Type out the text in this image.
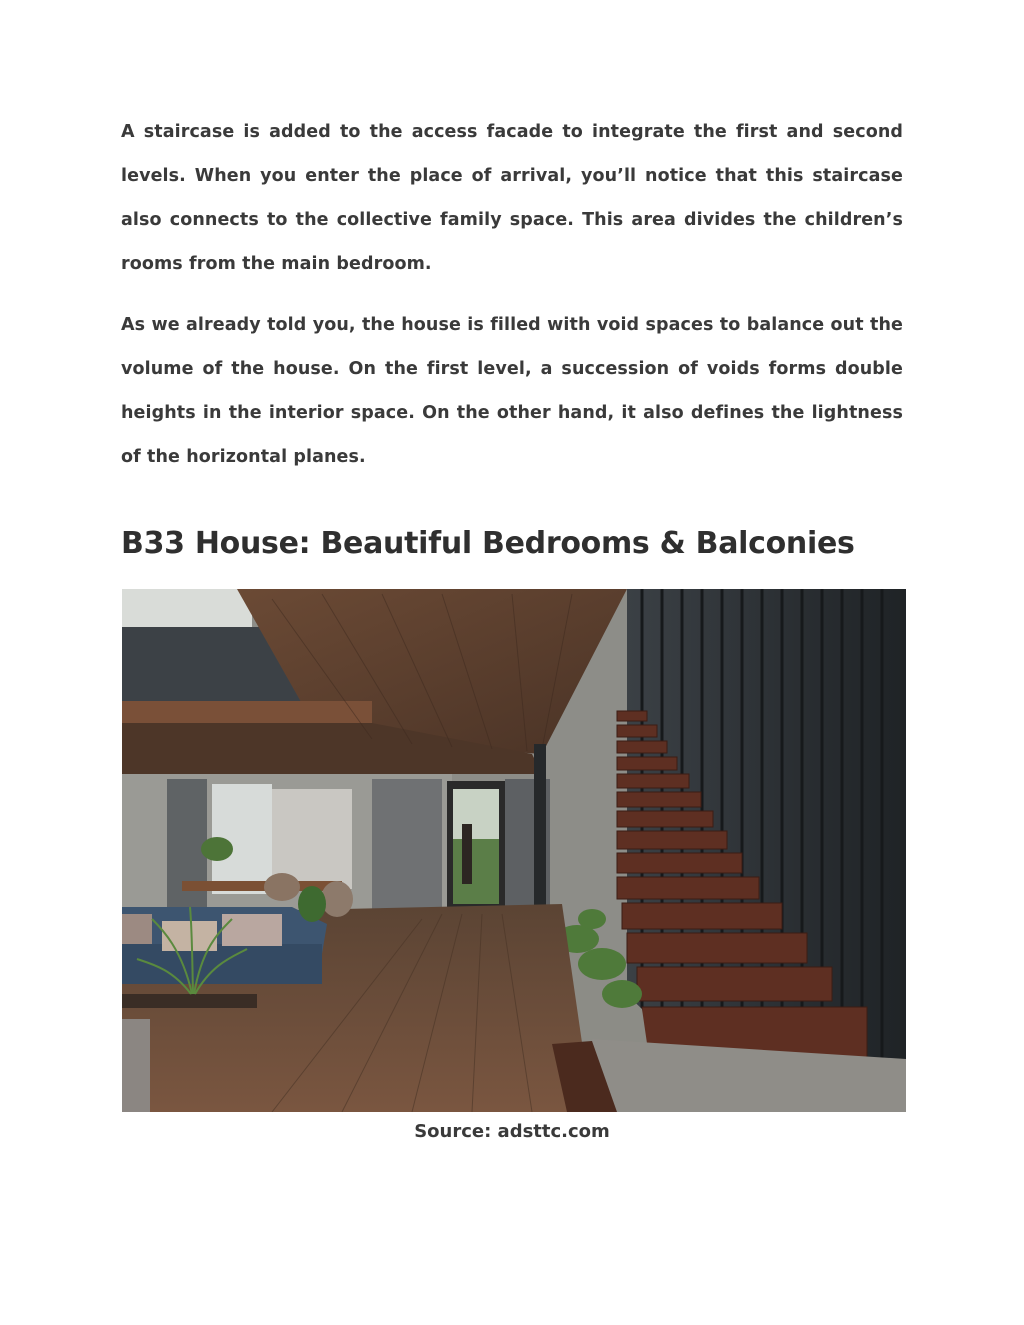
A staircase is added to the access facade to integrate the first and second levels. When you enter the place of arrival, you’ll notice that this staircase also connects to the collective family space. This area divides the children’s rooms from the main bedroom.

As we already told you, the house is filled with void spaces to balance out the volume of the house. On the first level, a succession of voids forms double heights in the interior space. On the other hand, it also defines the lightness of the horizontal planes.

B33 House: Beautiful Bedrooms & Balconies
Source: adsttc.com
